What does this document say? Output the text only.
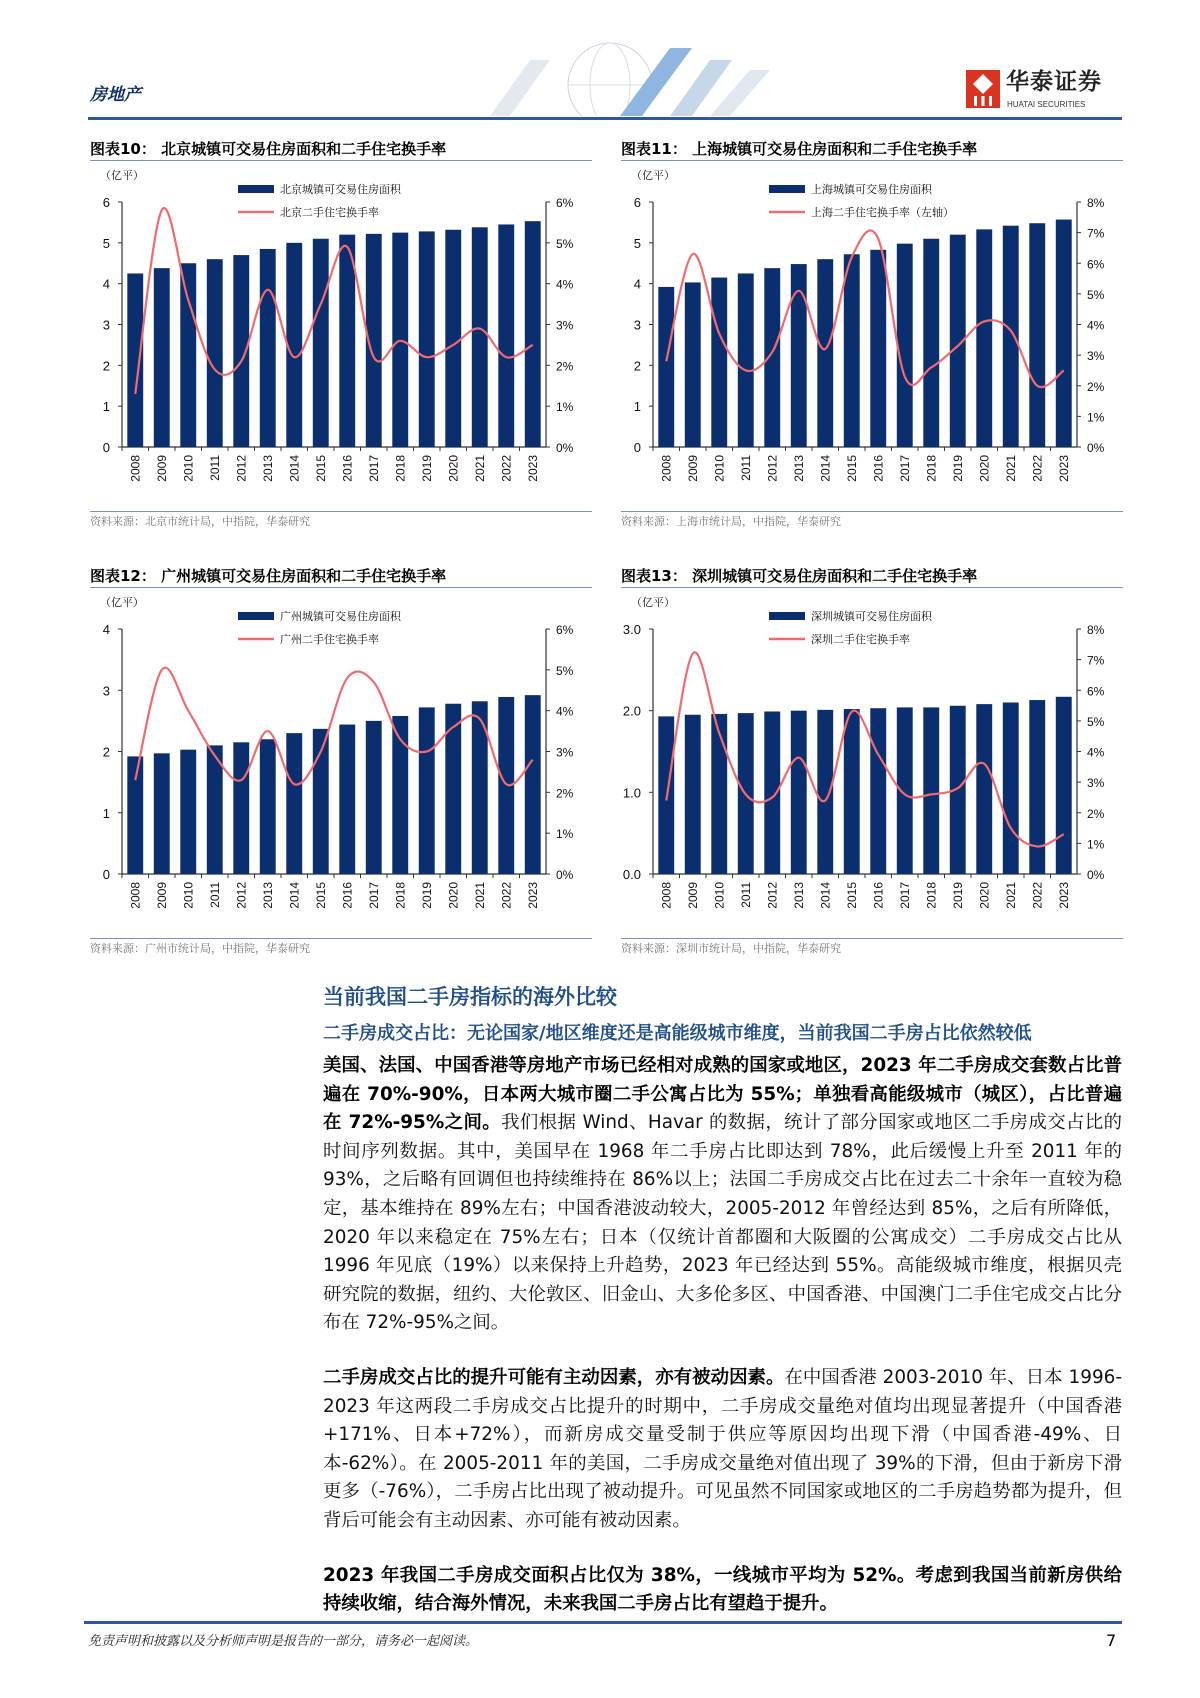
房地产	华泰证券
HUATAI SECURITIES
图表10： 北京城镇可交易住房面积和二手住宅换手率
（亿平）
0
1
2
3
4
5
6
0%
1%
2%
3%
4%
5%
6%
2008 2009 2010 2011 2012 2013 2014 2015 2016 2017 2018 2019 2020 2021 2022 2023
北京城镇可交易住房面积
北京二手住宅换手率
资料来源：北京市统计局，中指院，华泰研究
图表11： 上海城镇可交易住房面积和二手住宅换手率
（亿平）
0
1
2
3
4
5
6
0%
1%
2%
3%
4%
5%
6%
7%
8%
2008 2009 2010 2011 2012 2013 2014 2015 2016 2017 2018 2019 2020 2021 2022 2023
上海城镇可交易住房面积
上海二手住宅换手率（左轴）
资料来源：上海市统计局，中指院，华泰研究
图表12： 广州城镇可交易住房面积和二手住宅换手率
（亿平）
0
1
2
3
4
0%
1%
2%
3%
4%
5%
6%
2008 2009 2010 2011 2012 2013 2014 2015 2016 2017 2018 2019 2020 2021 2022 2023
广州城镇可交易住房面积
广州二手住宅换手率
资料来源：广州市统计局，中指院，华泰研究
图表13： 深圳城镇可交易住房面积和二手住宅换手率
（亿平）
0.0
1.0
2.0
3.0
0%
1%
2%
3%
4%
5%
6%
7%
8%
2008 2009 2010 2011 2012 2013 2014 2015 2016 2017 2018 2019 2020 2021 2022 2023
深圳城镇可交易住房面积
深圳二手住宅换手率
资料来源：深圳市统计局，中指院，华泰研究
当前我国二手房指标的海外比较
二手房成交占比：无论国家/地区维度还是高能级城市维度，当前我国二手房占比依然较低
美国、法国、中国香港等房地产市场已经相对成熟的国家或地区，2023 年二手房成交套数占比普遍在 70%-90%，日本两大城市圈二手公寓占比为 55%；单独看高能级城市（城区），占比普遍在 72%-95%之间。我们根据 Wind、Havar 的数据，统计了部分国家或地区二手房成交占比的时间序列数据。其中，美国早在 1968 年二手房占比即达到 78%，此后缓慢上升至 2011 年的 93%，之后略有回调但也持续维持在 86%以上；法国二手房成交占比在过去二十余年一直较为稳定，基本维持在 89%左右；中国香港波动较大，2005-2012 年曾经达到 85%，之后有所降低，2020 年以来稳定在 75%左右；日本（仅统计首都圈和大阪圈的公寓成交）二手房成交占比从 1996 年见底（19%）以来保持上升趋势，2023 年已经达到 55%。高能级城市维度，根据贝壳研究院的数据，纽约、大伦敦区、旧金山、大多伦多区、中国香港、中国澳门二手住宅成交占比分布在 72%-95%之间。
二手房成交占比的提升可能有主动因素，亦有被动因素。在中国香港 2003-2010 年、日本 1996-2023 年这两段二手房成交占比提升的时期中，二手房成交量绝对值均出现显著提升（中国香港+171%、日本+72%），而新房成交量受制于供应等原因均出现下滑（中国香港-49%、日本-62%）。在 2005-2011 年的美国，二手房成交量绝对值出现了 39%的下滑，但由于新房下滑更多（-76%），二手房占比出现了被动提升。可见虽然不同国家或地区的二手房趋势都为提升，但背后可能会有主动因素、亦可能有被动因素。
2023 年我国二手房成交面积占比仅为 38%，一线城市平均为 52%。考虑到我国当前新房供给持续收缩，结合海外情况，未来我国二手房占比有望趋于提升。
免责声明和披露以及分析师声明是报告的一部分，请务必一起阅读。	7
